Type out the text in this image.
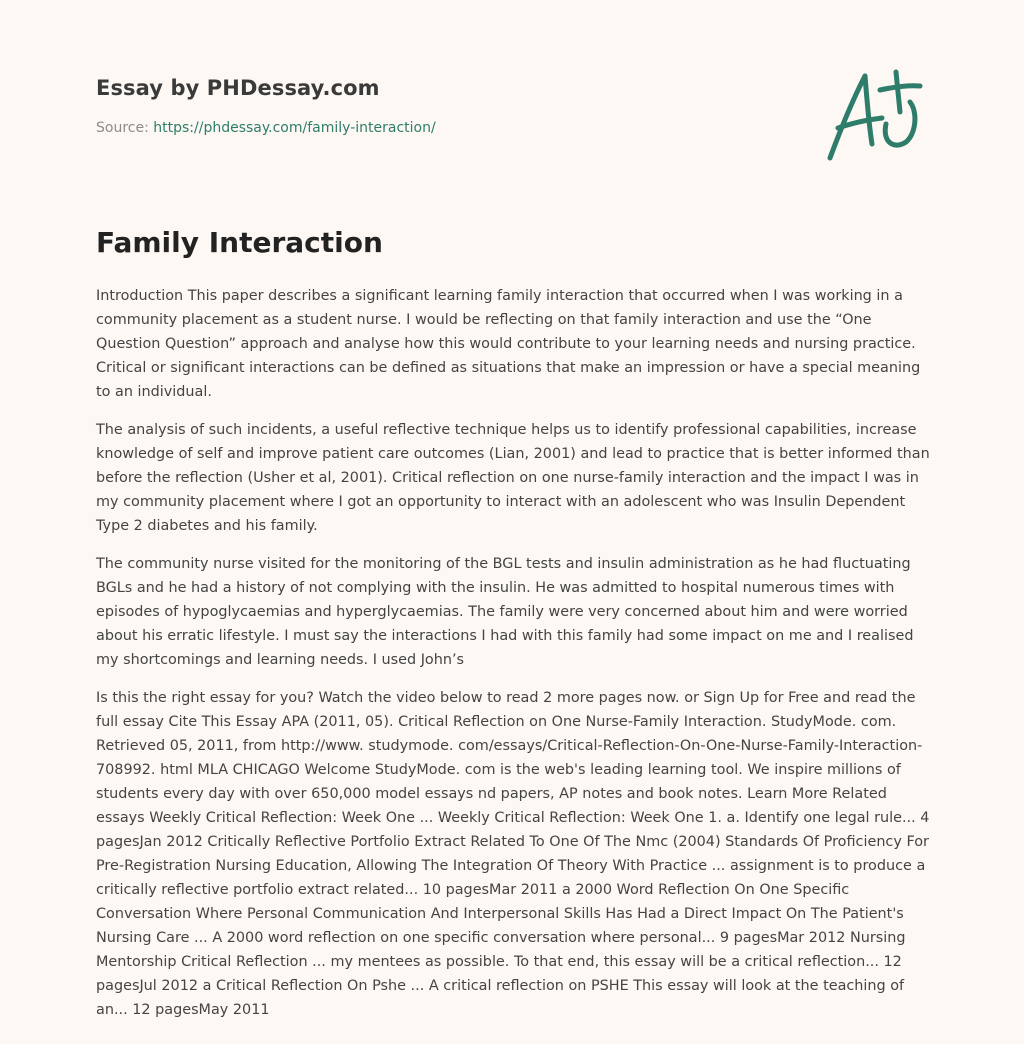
Essay by PHDessay.com
Source: https://phdessay.com/family-interaction/
Family Interaction

Introduction This paper describes a significant learning family interaction that occurred when I was working in a community placement as a student nurse. I would be reflecting on that family interaction and use the “One Question Question” approach and analyse how this would contribute to your learning needs and nursing practice. Critical or significant interactions can be defined as situations that make an impression or have a special meaning to an individual.

The analysis of such incidents, a useful reflective technique helps us to identify professional capabilities, increase knowledge of self and improve patient care outcomes (Lian, 2001) and lead to practice that is better informed than before the reflection (Usher et al, 2001). Critical reflection on one nurse-family interaction and the impact I was in my community placement where I got an opportunity to interact with an adolescent who was Insulin Dependent Type 2 diabetes and his family.

The community nurse visited for the monitoring of the BGL tests and insulin administration as he had fluctuating BGLs and he had a history of not complying with the insulin. He was admitted to hospital numerous times with episodes of hypoglycaemias and hyperglycaemias. The family were very concerned about him and were worried about his erratic lifestyle. I must say the interactions I had with this family had some impact on me and I realised my shortcomings and learning needs. I used John’s

Is this the right essay for you? Watch the video below to read 2 more pages now. or Sign Up for Free and read the full essay Cite This Essay APA (2011, 05). Critical Reflection on One Nurse-Family Interaction. StudyMode. com. Retrieved 05, 2011, from http://www. studymode. com/essays/Critical-Reflection-On-One-Nurse-Family-Interaction-708992. html MLA CHICAGO Welcome StudyMode. com is the web's leading learning tool. We inspire millions of students every day with over 650,000 model essays nd papers, AP notes and book notes. Learn More Related essays Weekly Critical Reflection: Week One ... Weekly Critical Reflection: Week One 1. a. Identify one legal rule... 4 pagesJan 2012 Critically Reflective Portfolio Extract Related To One Of The Nmc (2004) Standards Of Proficiency For Pre-Registration Nursing Education, Allowing The Integration Of Theory With Practice ... assignment is to produce a critically reflective portfolio extract related... 10 pagesMar 2011 a 2000 Word Reflection On One Specific Conversation Where Personal Communication And Interpersonal Skills Has Had a Direct Impact On The Patient's Nursing Care ... A 2000 word reflection on one specific conversation where personal... 9 pagesMar 2012 Nursing Mentorship Critical Reflection ... my mentees as possible. To that end, this essay will be a critical reflection... 12 pagesJul 2012 a Critical Reflection On Pshe ... A critical reflection on PSHE This essay will look at the teaching of an... 12 pagesMay 2011
